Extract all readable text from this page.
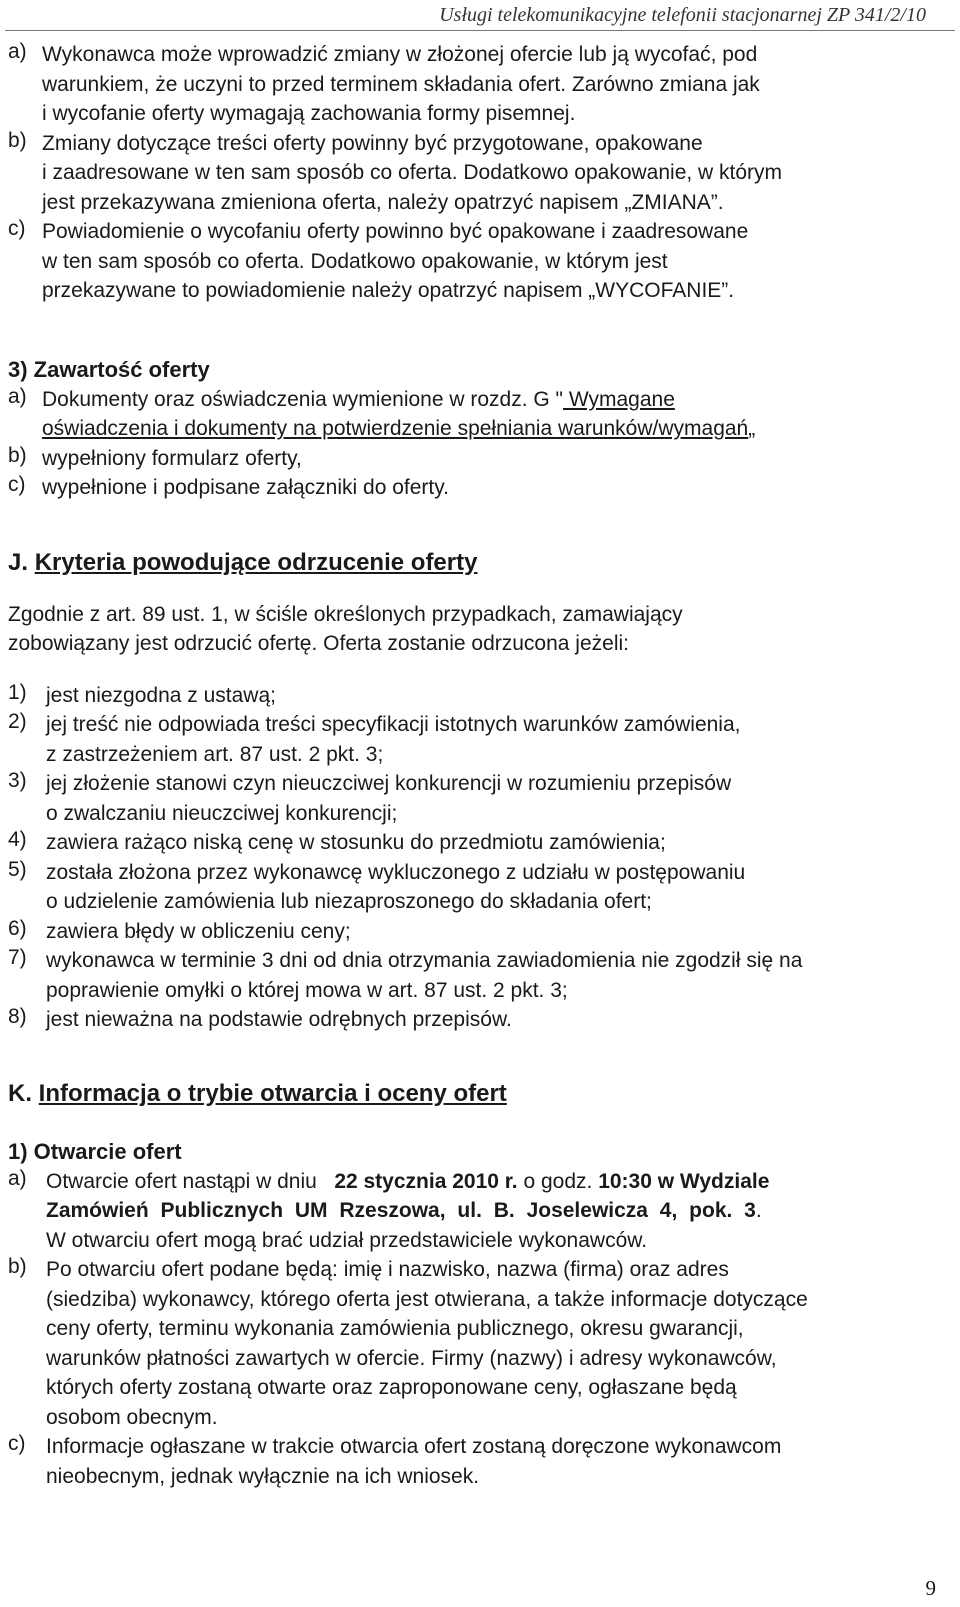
Usługi telekomunikacyjne telefonii stacjonarnej ZP 341/2/10
a) Wykonawca może wprowadzić zmiany w złożonej ofercie lub ją wycofać, pod

warunkiem, że uczyni to przed terminem składania ofert. Zarówno zmiana jak

i wycofanie oferty wymagają zachowania formy pisemnej.

b) Zmiany dotyczące treści oferty powinny być przygotowane, opakowane

i zaadresowane w ten sam sposób co oferta. Dodatkowo opakowanie, w którym

jest przekazywana zmieniona oferta, należy opatrzyć napisem „ZMIANA”.

c) Powiadomienie o wycofaniu oferty powinno być opakowane i zaadresowane

w ten sam sposób co oferta. Dodatkowo opakowanie, w którym jest

przekazywane to powiadomienie należy opatrzyć napisem „WYCOFANIE”.

3) Zawartość oferty

a) Dokumenty oraz oświadczenia wymienione w rozdz. G " Wymagane

oświadczenia i dokumenty na potwierdzenie spełniania warunków/wymagań„

b) wypełniony formularz oferty,

c) wypełnione i podpisane załączniki do oferty.

J. Kryteria powodujące odrzucenie oferty

Zgodnie z art. 89 ust. 1, w ściśle określonych przypadkach, zamawiający

zobowiązany jest odrzucić ofertę. Oferta zostanie odrzucona jeżeli:

1) jest niezgodna z ustawą;

2) jej treść nie odpowiada treści specyfikacji istotnych warunków zamówienia,

z zastrzeżeniem art. 87 ust. 2 pkt. 3;

3) jej złożenie stanowi czyn nieuczciwej konkurencji w rozumieniu przepisów

o zwalczaniu nieuczciwej konkurencji;

4) zawiera rażąco niską cenę w stosunku do przedmiotu zamówienia;

5) została złożona przez wykonawcę wykluczonego z udziału w postępowaniu

o udzielenie zamówienia lub niezaproszonego do składania ofert;

6) zawiera błędy w obliczeniu ceny;

7) wykonawca w terminie 3 dni od dnia otrzymania zawiadomienia nie zgodził się na

poprawienie omyłki o której mowa w art. 87 ust. 2 pkt. 3;

8) jest nieważna na podstawie odrębnych przepisów.

K. Informacja o trybie otwarcia i oceny ofert

1) Otwarcie ofert

a) Otwarcie ofert nastąpi w dniu 22 stycznia 2010 r. o godz. 10:30 w Wydziale

Zamówień Publicznych UM Rzeszowa, ul. B. Joselewicza 4, pok. 3.

W otwarciu ofert mogą brać udział przedstawiciele wykonawców.

b) Po otwarciu ofert podane będą: imię i nazwisko, nazwa (firma) oraz adres

(siedziba) wykonawcy, którego oferta jest otwierana, a także informacje dotyczące

ceny oferty, terminu wykonania zamówienia publicznego, okresu gwarancji,

warunków płatności zawartych w ofercie. Firmy (nazwy) i adresy wykonawców,

których oferty zostaną otwarte oraz zaproponowane ceny, ogłaszane będą

osobom obecnym.

c) Informacje ogłaszane w trakcie otwarcia ofert zostaną doręczone wykonawcom

nieobecnym, jednak wyłącznie na ich wniosek.

9
